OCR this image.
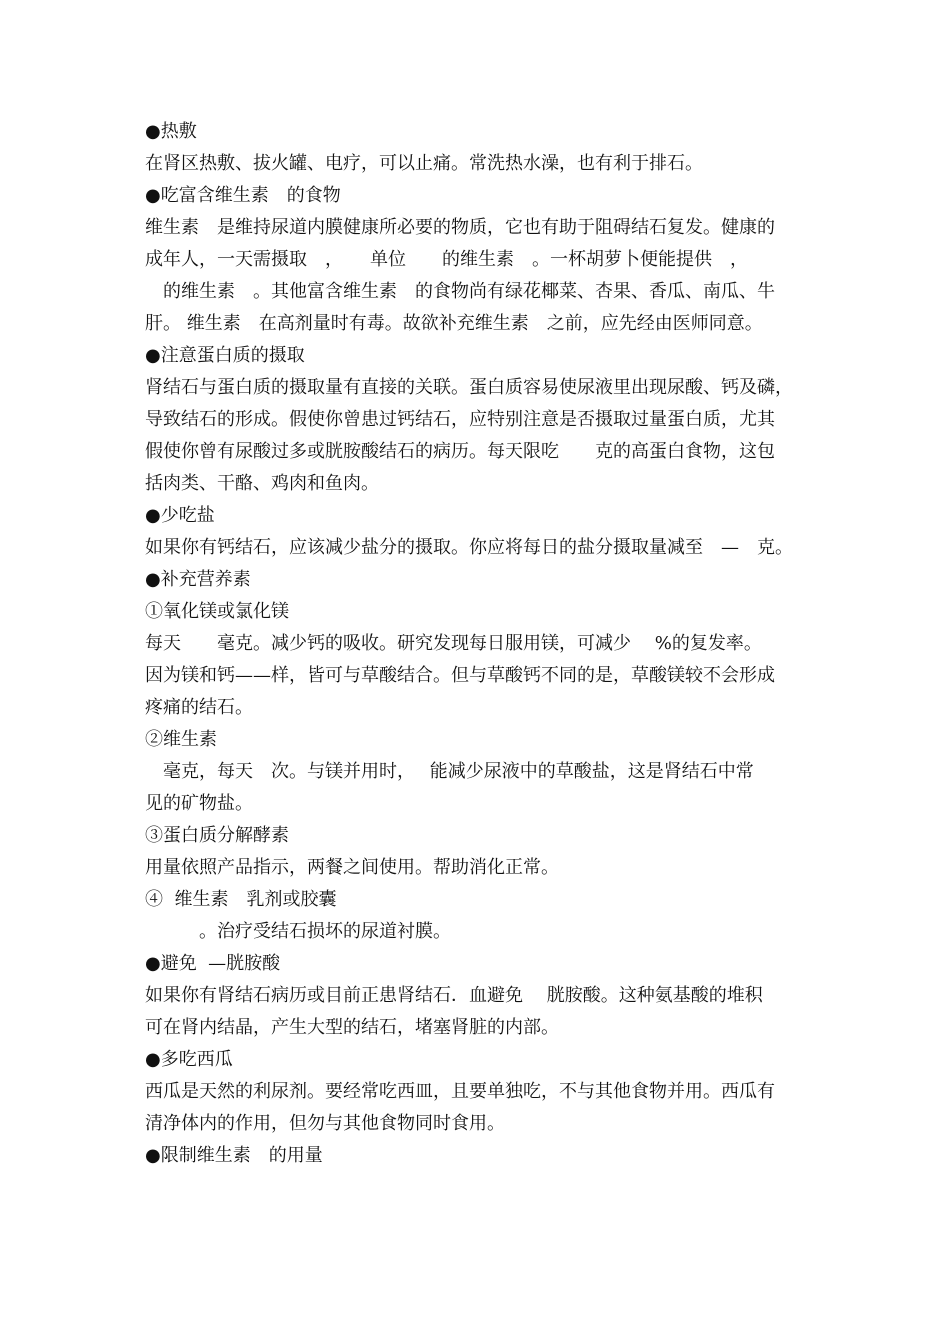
●热敷
在肾区热敷、拔火罐、电疗，可以止痛。常洗热水澡，也有利于排石。
●吃富含维生素　的食物
维生素　是维持尿道内膜健康所必要的物质，它也有助于阻碍结石复发。健康的
成年人，一天需摄取　，　　单位　　的维生素　。一杯胡萝卜便能提供　，
　的维生素　。其他富含维生素　的食物尚有绿花椰菜、杏果、香瓜、南瓜、牛
肝。 维生素　在高剂量时有毒。故欲补充维生素　之前，应先经由医师同意。
●注意蛋白质的摄取
肾结石与蛋白质的摄取量有直接的关联。蛋白质容易使尿液里出现尿酸、钙及磷，
导致结石的形成。假使你曾患过钙结石，应特别注意是否摄取过量蛋白质，尤其
假使你曾有尿酸过多或胱胺酸结石的病历。每天限吃　　克的高蛋白食物，这包
括肉类、干酪、鸡肉和鱼肉。
●少吃盐
如果你有钙结石，应该减少盐分的摄取。你应将每日的盐分摄取量减至　—　克。
●补充营养素
①氧化镁或氯化镁
每天　　毫克。减少钙的吸收。研究发现每日服用镁，可减少　 %的复发率。
因为镁和钙——样，皆可与草酸结合。但与草酸钙不同的是，草酸镁较不会形成
疼痛的结石。
②维生素
　毫克，每天　次。与镁并用时，　 能减少尿液中的草酸盐，这是肾结石中常
见的矿物盐。
③蛋白质分解酵素
用量依照产品指示，两餐之间使用。帮助消化正常。
④  维生素　乳剂或胶囊
　　　。治疗受结石损坏的尿道衬膜。
●避免  —胱胺酸
如果你有肾结石病历或目前正患肾结石．血避免　 胱胺酸。这种氨基酸的堆积
可在肾内结晶，产生大型的结石，堵塞肾脏的内部。
●多吃西瓜
西瓜是天然的利尿剂。要经常吃西皿，且要单独吃，不与其他食物并用。西瓜有
清净体内的作用，但勿与其他食物同时食用。
●限制维生素　的用量
